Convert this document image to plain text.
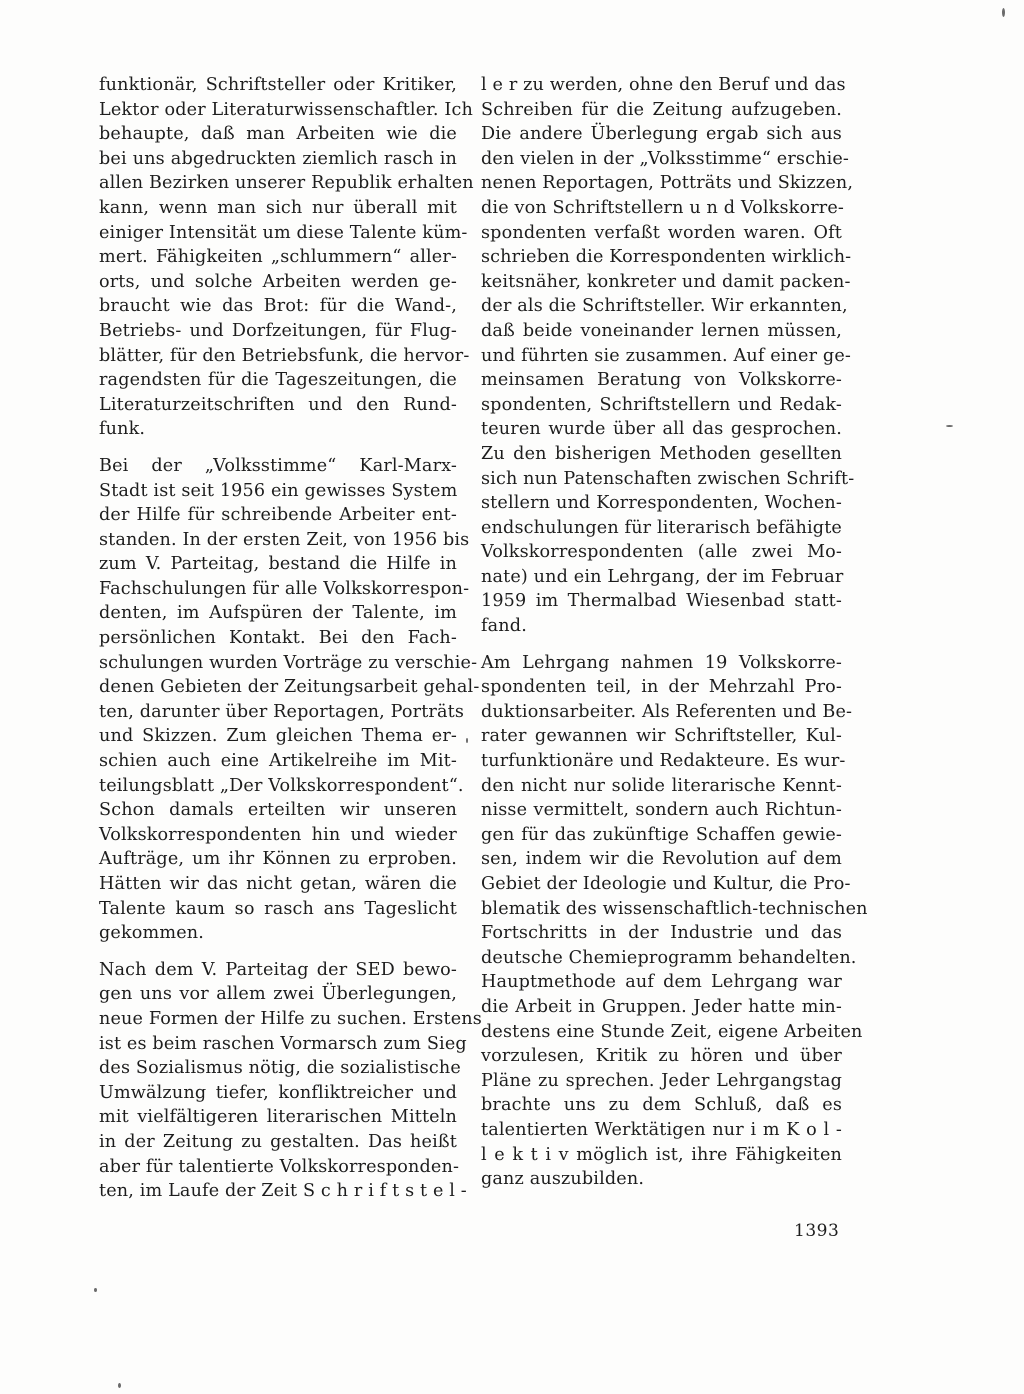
funktionär, Schriftsteller oder Kritiker,
Lektor oder Literaturwissenschaftler. Ich
behaupte, daß man Arbeiten wie die
bei uns abgedruckten ziemlich rasch in
allen Bezirken unserer Republik erhalten
kann, wenn man sich nur überall mit
einiger Intensität um diese Talente küm-
mert. Fähigkeiten „schlummern“ aller-
orts, und solche Arbeiten werden ge-
braucht wie das Brot: für die Wand-,
Betriebs- und Dorfzeitungen, für Flug-
blätter, für den Betriebsfunk, die hervor-
ragendsten für die Tageszeitungen, die
Literaturzeitschriften und den Rund-
funk.
Bei der „Volksstimme“ Karl-Marx-
Stadt ist seit 1956 ein gewisses System
der Hilfe für schreibende Arbeiter ent-
standen. In der ersten Zeit, von 1956 bis
zum V. Parteitag, bestand die Hilfe in
Fachschulungen für alle Volkskorrespon-
denten, im Aufspüren der Talente, im
persönlichen Kontakt. Bei den Fach-
schulungen wurden Vorträge zu verschie-
denen Gebieten der Zeitungsarbeit gehal-
ten, darunter über Reportagen, Porträts
und Skizzen. Zum gleichen Thema er-
schien auch eine Artikelreihe im Mit-
teilungsblatt „Der Volkskorrespondent“.
Schon damals erteilten wir unseren
Volkskorrespondenten hin und wieder
Aufträge, um ihr Können zu erproben.
Hätten wir das nicht getan, wären die
Talente kaum so rasch ans Tageslicht
gekommen.
Nach dem V. Parteitag der SED bewo-
gen uns vor allem zwei Überlegungen,
neue Formen der Hilfe zu suchen. Erstens
ist es beim raschen Vormarsch zum Sieg
des Sozialismus nötig, die sozialistische
Umwälzung tiefer, konfliktreicher und
mit vielfältigeren literarischen Mitteln
in der Zeitung zu gestalten. Das heißt
aber für talentierte Volkskorresponden-
ten, im Laufe der Zeit S c h r i f t s t e l -
l e r zu werden, ohne den Beruf und das
Schreiben für die Zeitung aufzugeben.
Die andere Überlegung ergab sich aus
den vielen in der „Volksstimme“ erschie-
nenen Reportagen, Potträts und Skizzen,
die von Schriftstellern u n d Volkskorre-
spondenten verfaßt worden waren. Oft
schrieben die Korrespondenten wirklich-
keitsnäher, konkreter und damit packen-
der als die Schriftsteller. Wir erkannten,
daß beide voneinander lernen müssen,
und führten sie zusammen. Auf einer ge-
meinsamen Beratung von Volkskorre-
spondenten, Schriftstellern und Redak-
teuren wurde über all das gesprochen.
Zu den bisherigen Methoden gesellten
sich nun Patenschaften zwischen Schrift-
stellern und Korrespondenten, Wochen-
endschulungen für literarisch befähigte
Volkskorrespondenten (alle zwei Mo-
nate) und ein Lehrgang, der im Februar
1959 im Thermalbad Wiesenbad statt-
fand.
Am Lehrgang nahmen 19 Volkskorre-
spondenten teil, in der Mehrzahl Pro-
duktionsarbeiter. Als Referenten und Be-
rater gewannen wir Schriftsteller, Kul-
turfunktionäre und Redakteure. Es wur-
den nicht nur solide literarische Kennt-
nisse vermittelt, sondern auch Richtun-
gen für das zukünftige Schaffen gewie-
sen, indem wir die Revolution auf dem
Gebiet der Ideologie und Kultur, die Pro-
blematik des wissenschaftlich-technischen
Fortschritts in der Industrie und das
deutsche Chemieprogramm behandelten.
Hauptmethode auf dem Lehrgang war
die Arbeit in Gruppen. Jeder hatte min-
destens eine Stunde Zeit, eigene Arbeiten
vorzulesen, Kritik zu hören und über
Pläne zu sprechen. Jeder Lehrgangstag
brachte uns zu dem Schluß, daß es
talentierten Werktätigen nur i m K o l -
l e k t i v möglich ist, ihre Fähigkeiten
ganz auszubilden.
1393
